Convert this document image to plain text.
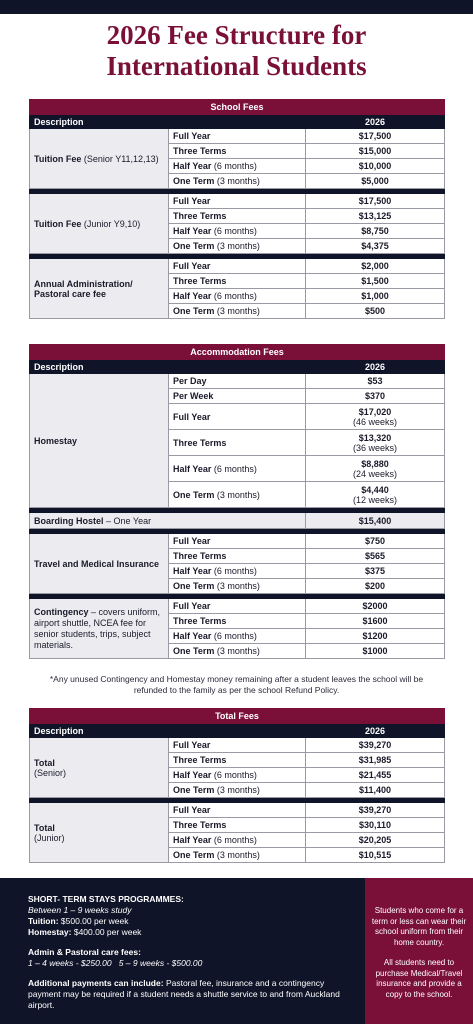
2026 Fee Structure for
International Students
School Fees		
Description		2026
Tuition Fee (Senior Y11,12,13)	Full Year	$17,500
	Three Terms	$15,000
	Half Year (6 months)	$10,000
	One Term (3 months)	$5,000

Tuition Fee (Junior Y9,10)	Full Year	$17,500
	Three Terms	$13,125
	Half Year (6 months)	$8,750
	One Term (3 months)	$4,375

Annual Administration/ Pastoral care fee	Full Year	$2,000
	Three Terms	$1,500
	Half Year (6 months)	$1,000
	One Term (3 months)	$500
Accommodation Fees		
Description		2026
Homestay	Per Day	$53
	Per Week	$370
	Full Year	$17,020
(46 weeks)

	Three Terms	$13,320
(36 weeks)

	Half Year (6 months)	$8,880
(24 weeks)

	One Term (3 months)	$4,440
(12 weeks)

Boarding Hostel – One Year		$15,400

Travel and Medical Insurance	Full Year	$750
	Three Terms	$565
	Half Year (6 months)	$375
	One Term (3 months)	$200

Contingency – covers uniform, airport shuttle, NCEA fee for senior students, trips, subject materials.	Full Year	$2000
	Three Terms	$1600
	Half Year (6 months)	$1200
	One Term (3 months)	$1000

*Any unused Contingency and Homestay money remaining after a student leaves the school will be refunded to the family as per the school Refund Policy.

Total Fees		
Description		2026
Total
(Senior)	Full Year	$39,270
	Three Terms	$31,985
	Half Year (6 months)	$21,455
	One Term (3 months)	$11,400

Total
(Junior)	Full Year	$39,270
	Three Terms	$30,110
	Half Year (6 months)	$20,205
	One Term (3 months)	$10,515
SHORT- TERM STAYS PROGRAMMES:
Between 1 – 9 weeks study
Tuition: $500.00 per week
Homestay: $400.00 per week
Admin & Pastoral care fees:
1 – 4 weeks - $250.00   5 – 9 weeks - $500.00
Additional payments can include: Pastoral fee, insurance and a contingency payment may be required if a student needs a shuttle service to and from Auckland airport.

Students who come for a term or less can wear their school uniform from their home country.

All students need to purchase Medical/Travel insurance and provide a copy to the school.
